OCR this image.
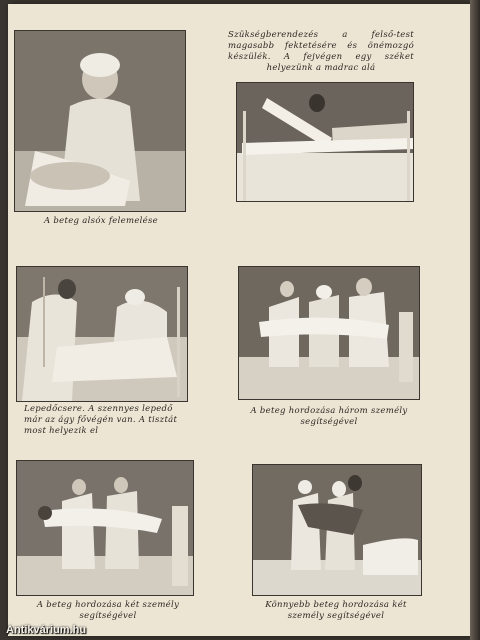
Szükségberendezés a felső-test magasabb fektetésére és önémozgó készülék. A fejvégen egy széket helyezünk a madrac alá
A beteg alsóx felemelése
Lepedőcsere. A szennyes lepedő már az ágy fővégén van. A tisztát most helyezik el
A beteg hordozása három személy segítségével
A beteg hordozása két személy segítségével
Könnyebb beteg hordozása két személy segítségével
Antikvárium.hu
